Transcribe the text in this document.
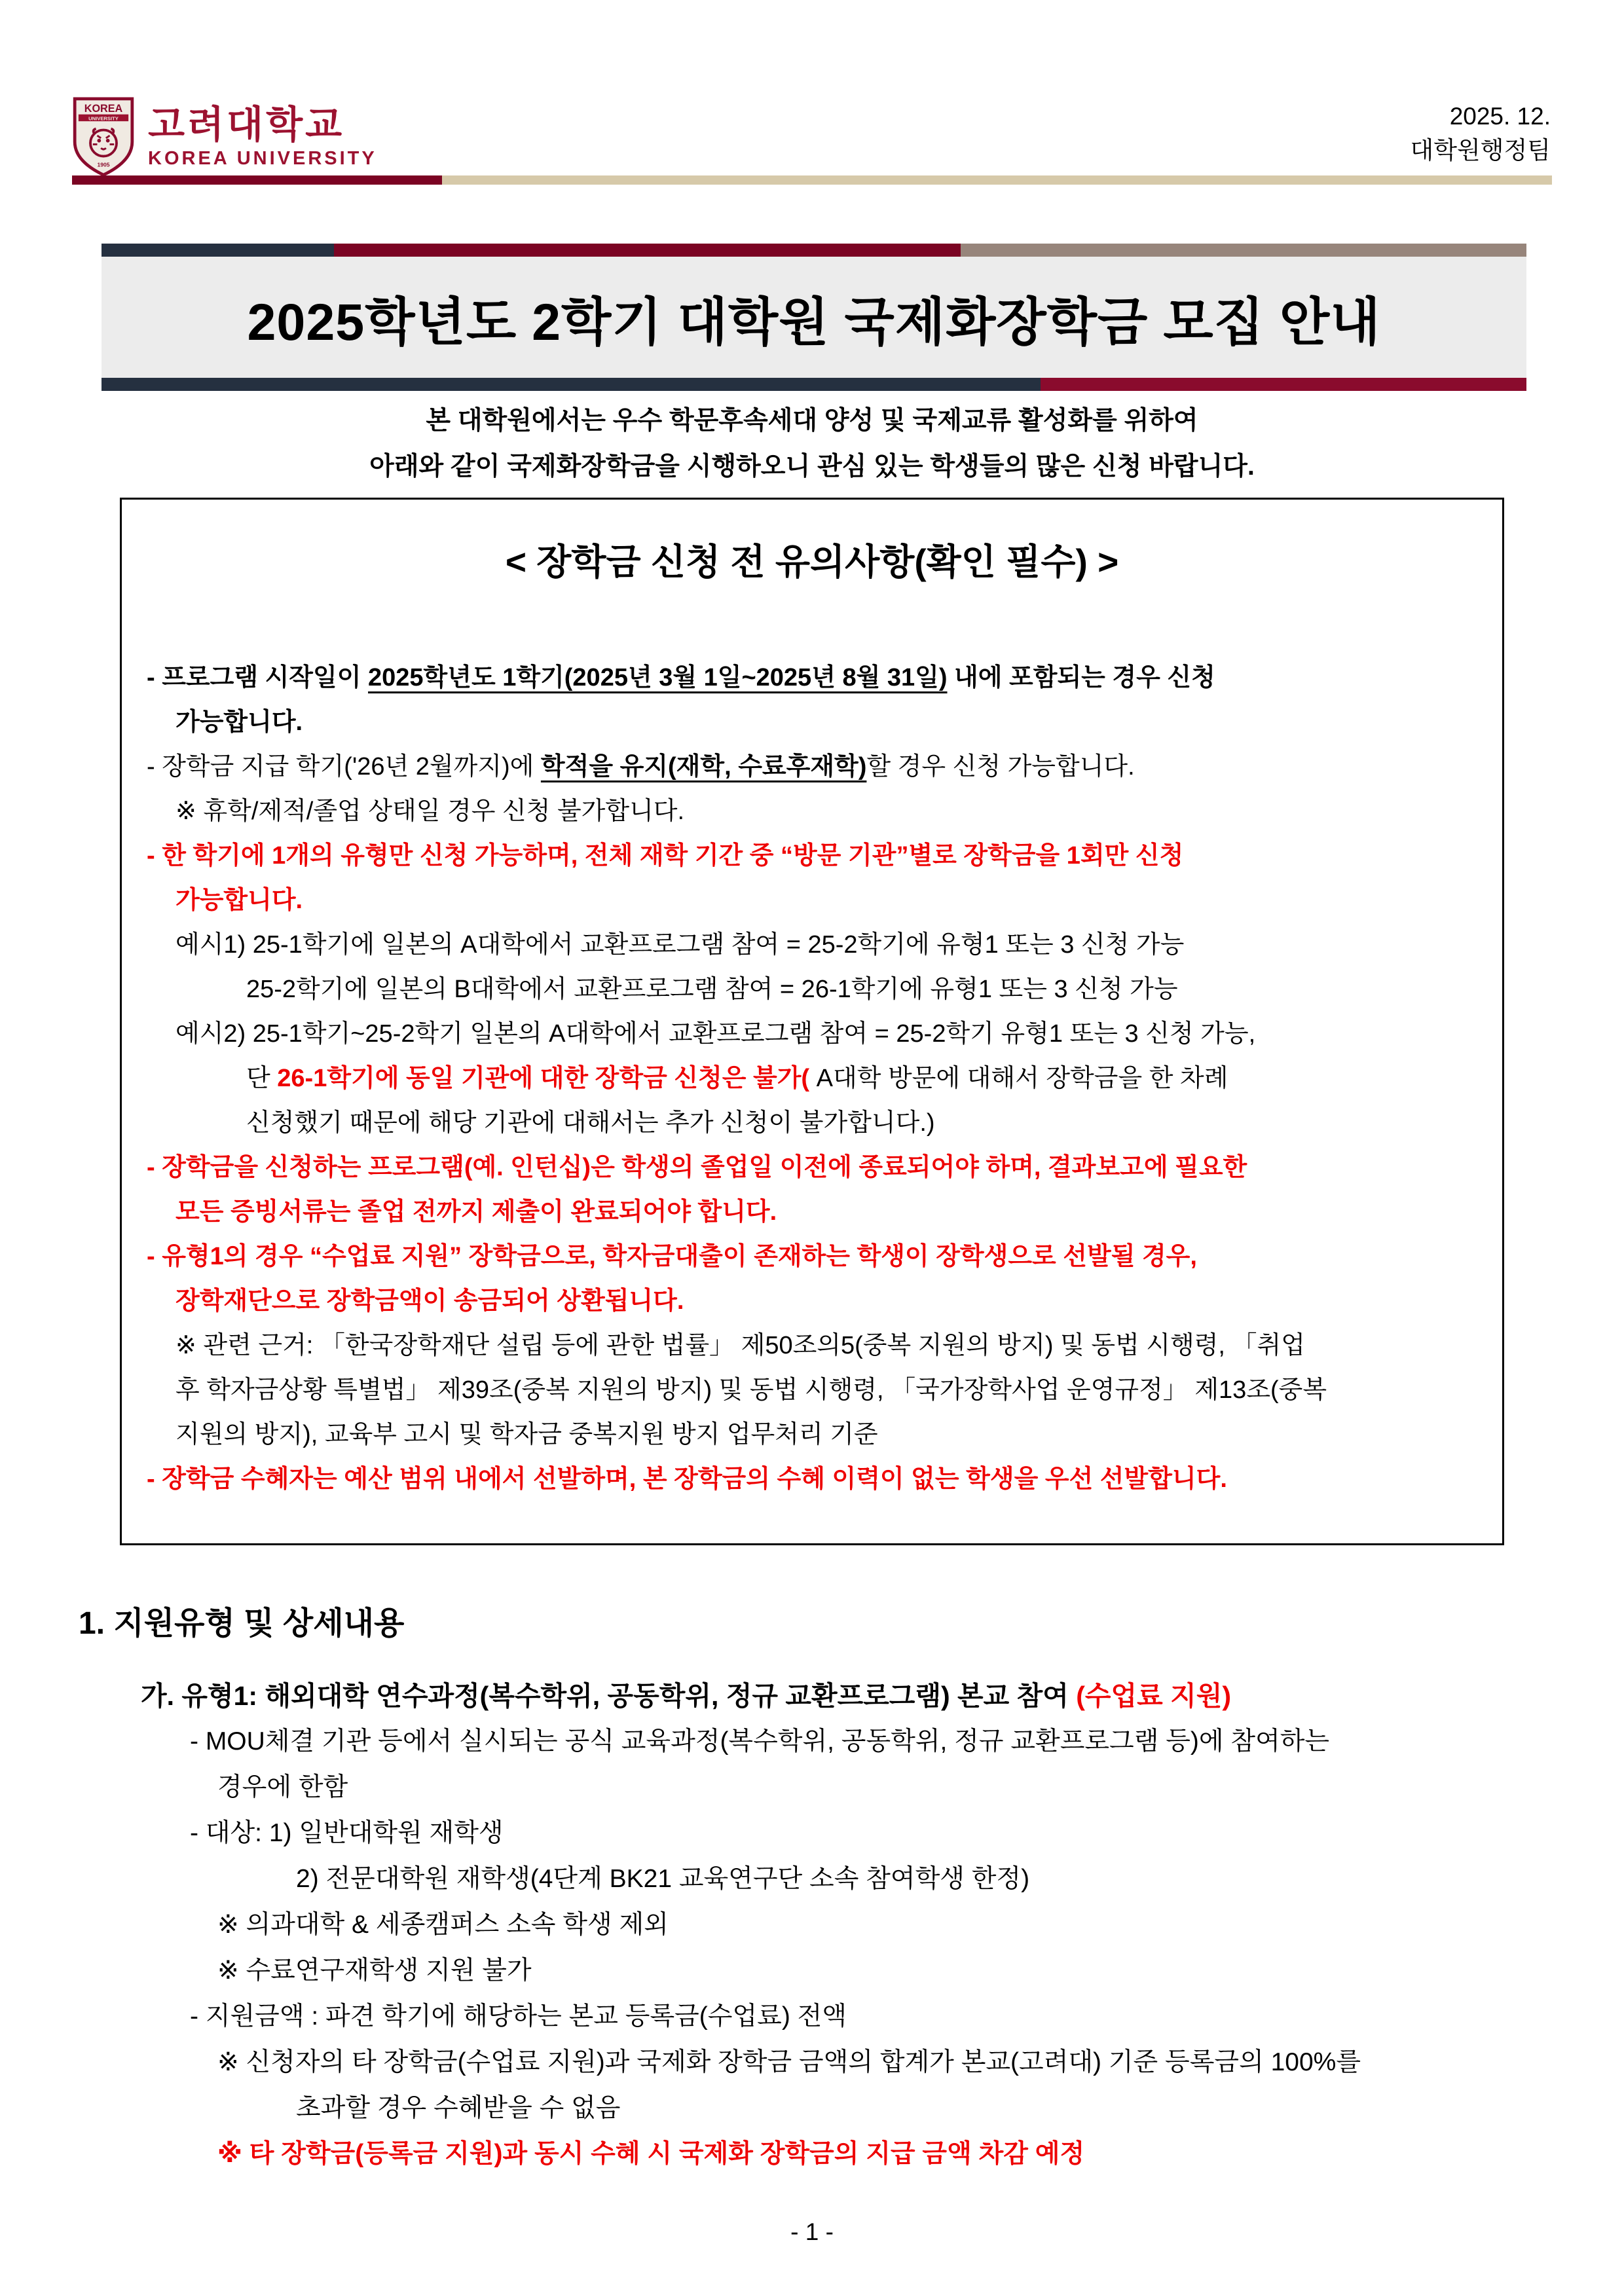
KOREA
UNIVERSITY
1905
고려대학교
KOREA UNIVERSITY
2025. 12.
대학원행정팀
2025학년도 2학기 대학원 국제화장학금 모집 안내
본 대학원에서는 우수 학문후속세대 양성 및 국제교류 활성화를 위하여
아래와 같이 국제화장학금을 시행하오니 관심 있는 학생들의 많은 신청 바랍니다.
< 장학금 신청 전 유의사항(확인 필수) >
- 프로그램 시작일이 2025학년도 1학기(2025년 3월 1일~2025년 8월 31일) 내에 포함되는 경우 신청
가능합니다.
- 장학금 지급 학기('26년 2월까지)에 학적을 유지(재학, 수료후재학)할 경우 신청 가능합니다.
※ 휴학/제적/졸업 상태일 경우 신청 불가합니다.
- 한 학기에 1개의 유형만 신청 가능하며, 전체 재학 기간 중 “방문 기관”별로 장학금을 1회만 신청
가능합니다.
예시1) 25-1학기에 일본의 A대학에서 교환프로그램 참여 = 25-2학기에 유형1 또는 3 신청 가능
25-2학기에 일본의 B대학에서 교환프로그램 참여 = 26-1학기에 유형1 또는 3 신청 가능
예시2) 25-1학기~25-2학기 일본의 A대학에서 교환프로그램 참여 = 25-2학기 유형1 또는 3 신청 가능,
단 26-1학기에 동일 기관에 대한 장학금 신청은 불가( A대학 방문에 대해서 장학금을 한 차례
신청했기 때문에 해당 기관에 대해서는 추가 신청이 불가합니다.)
- 장학금을 신청하는 프로그램(예. 인턴십)은 학생의 졸업일 이전에 종료되어야 하며, 결과보고에 필요한
모든 증빙서류는 졸업 전까지 제출이 완료되어야 합니다.
- 유형1의 경우 “수업료 지원” 장학금으로, 학자금대출이 존재하는 학생이 장학생으로 선발될 경우,
장학재단으로 장학금액이 송금되어 상환됩니다.
※ 관련 근거: 「한국장학재단 설립 등에 관한 법률」 제50조의5(중복 지원의 방지) 및 동법 시행령, 「취업
후 학자금상황 특별법」 제39조(중복 지원의 방지) 및 동법 시행령, 「국가장학사업 운영규정」 제13조(중복
지원의 방지), 교육부 고시 및 학자금 중복지원 방지 업무처리 기준
- 장학금 수혜자는 예산 범위 내에서 선발하며, 본 장학금의 수혜 이력이 없는 학생을 우선 선발합니다.
1. 지원유형 및 상세내용
가. 유형1: 해외대학 연수과정(복수학위, 공동학위, 정규 교환프로그램) 본교 참여 (수업료 지원)
- MOU체결 기관 등에서 실시되는 공식 교육과정(복수학위, 공동학위, 정규 교환프로그램 등)에 참여하는
경우에 한함
- 대상: 1) 일반대학원 재학생
2) 전문대학원 재학생(4단계 BK21 교육연구단 소속 참여학생 한정)
※ 의과대학 & 세종캠퍼스 소속 학생 제외
※ 수료연구재학생 지원 불가
- 지원금액 : 파견 학기에 해당하는 본교 등록금(수업료) 전액
※ 신청자의 타 장학금(수업료 지원)과 국제화 장학금 금액의 합계가 본교(고려대) 기준 등록금의 100%를
초과할 경우 수혜받을 수 없음
※ 타 장학금(등록금 지원)과 동시 수혜 시 국제화 장학금의 지급 금액 차감 예정
- 1 -
